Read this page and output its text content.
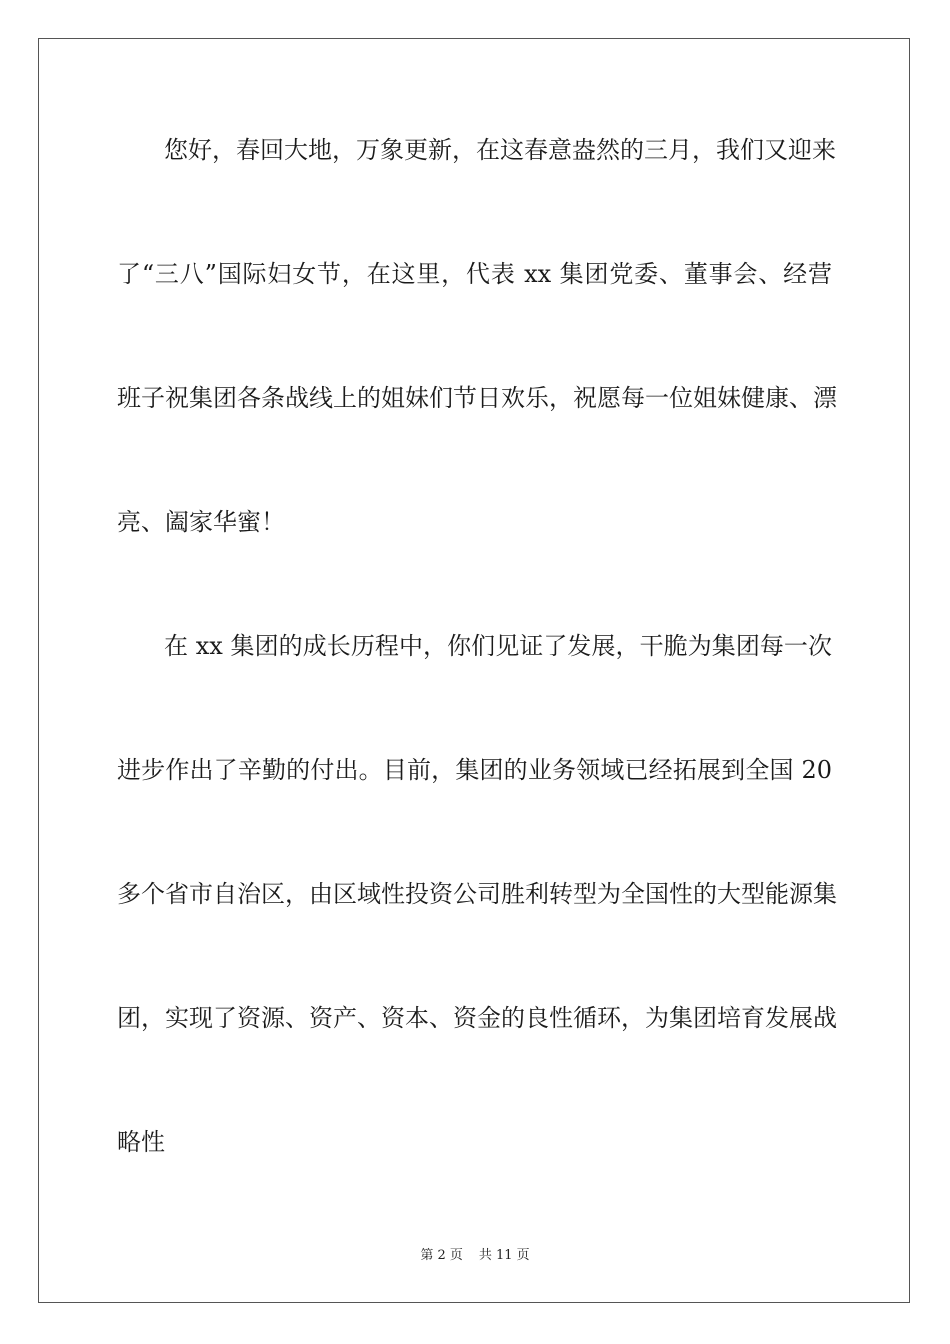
您好，春回大地，万象更新，在这春意盎然的三月，我们又迎来
了“三八”国际妇女节，在这里，代表 xx 集团党委、董事会、经营
班子祝集团各条战线上的姐妹们节日欢乐，祝愿每一位姐妹健康、漂
亮、阖家华蜜！
在 xx 集团的成长历程中，你们见证了发展，干脆为集团每一次
进步作出了辛勤的付出。目前，集团的业务领域已经拓展到全国 20
多个省市自治区，由区域性投资公司胜利转型为全国性的大型能源集
团，实现了资源、资产、资本、资金的良性循环，为集团培育发展战
略性
第 2 页 共 11 页
